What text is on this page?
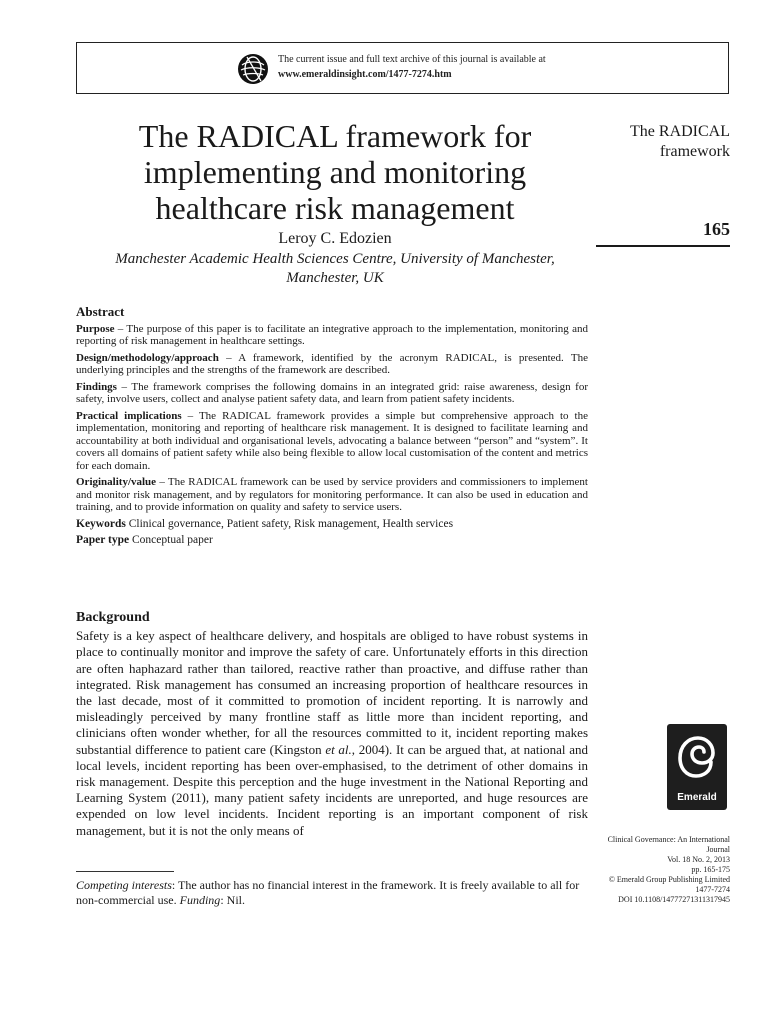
The current issue and full text archive of this journal is available at
www.emeraldinsight.com/1477-7274.htm
The RADICAL framework for
implementing and monitoring
healthcare risk management
Leroy C. Edozien
Manchester Academic Health Sciences Centre, University of Manchester,
Manchester, UK
The RADICAL
framework
165
Abstract

Purpose – The purpose of this paper is to facilitate an integrative approach to the implementation, monitoring and reporting of risk management in healthcare settings.

Design/methodology/approach – A framework, identified by the acronym RADICAL, is presented. The underlying principles and the strengths of the framework are described.

Findings – The framework comprises the following domains in an integrated grid: raise awareness, design for safety, involve users, collect and analyse patient safety data, and learn from patient safety incidents.

Practical implications – The RADICAL framework provides a simple but comprehensive approach to the implementation, monitoring and reporting of healthcare risk management. It is designed to facilitate learning and accountability at both individual and organisational levels, advocating a balance between “person” and “system”. It covers all domains of patient safety while also being flexible to allow local customisation of the content and metrics for each domain.

Originality/value – The RADICAL framework can be used by service providers and commissioners to implement and monitor risk management, and by regulators for monitoring performance. It can also be used in education and training, and to provide information on quality and safety to service users.

Keywords Clinical governance, Patient safety, Risk management, Health services

Paper type Conceptual paper

Background

Safety is a key aspect of healthcare delivery, and hospitals are obliged to have robust systems in place to continually monitor and improve the safety of care. Unfortunately efforts in this direction are often haphazard rather than tailored, reactive rather than proactive, and diffuse rather than integrated. Risk management has consumed an increasing proportion of healthcare resources in the last decade, most of it committed to promotion of incident reporting. It is narrowly and misleadingly perceived by many frontline staff as little more than incident reporting, and clinicians often wonder whether, for all the resources committed to it, incident reporting makes substantial difference to patient care (Kingston et al., 2004). It can be argued that, at national and local levels, incident reporting has been over-emphasised, to the detriment of other domains in risk management. Despite this perception and the huge investment in the National Reporting and Learning System (2011), many patient safety incidents are unreported, and huge resources are expended on low level incidents. Incident reporting is an important component of risk management, but it is not the only means of

Competing interests: The author has no financial interest in the framework. It is freely available to all for non-commercial use. Funding: Nil.
Emerald
Clinical Governance: An International
Journal
Vol. 18 No. 2, 2013
pp. 165-175
© Emerald Group Publishing Limited
1477-7274
DOI 10.1108/14777271311317945
